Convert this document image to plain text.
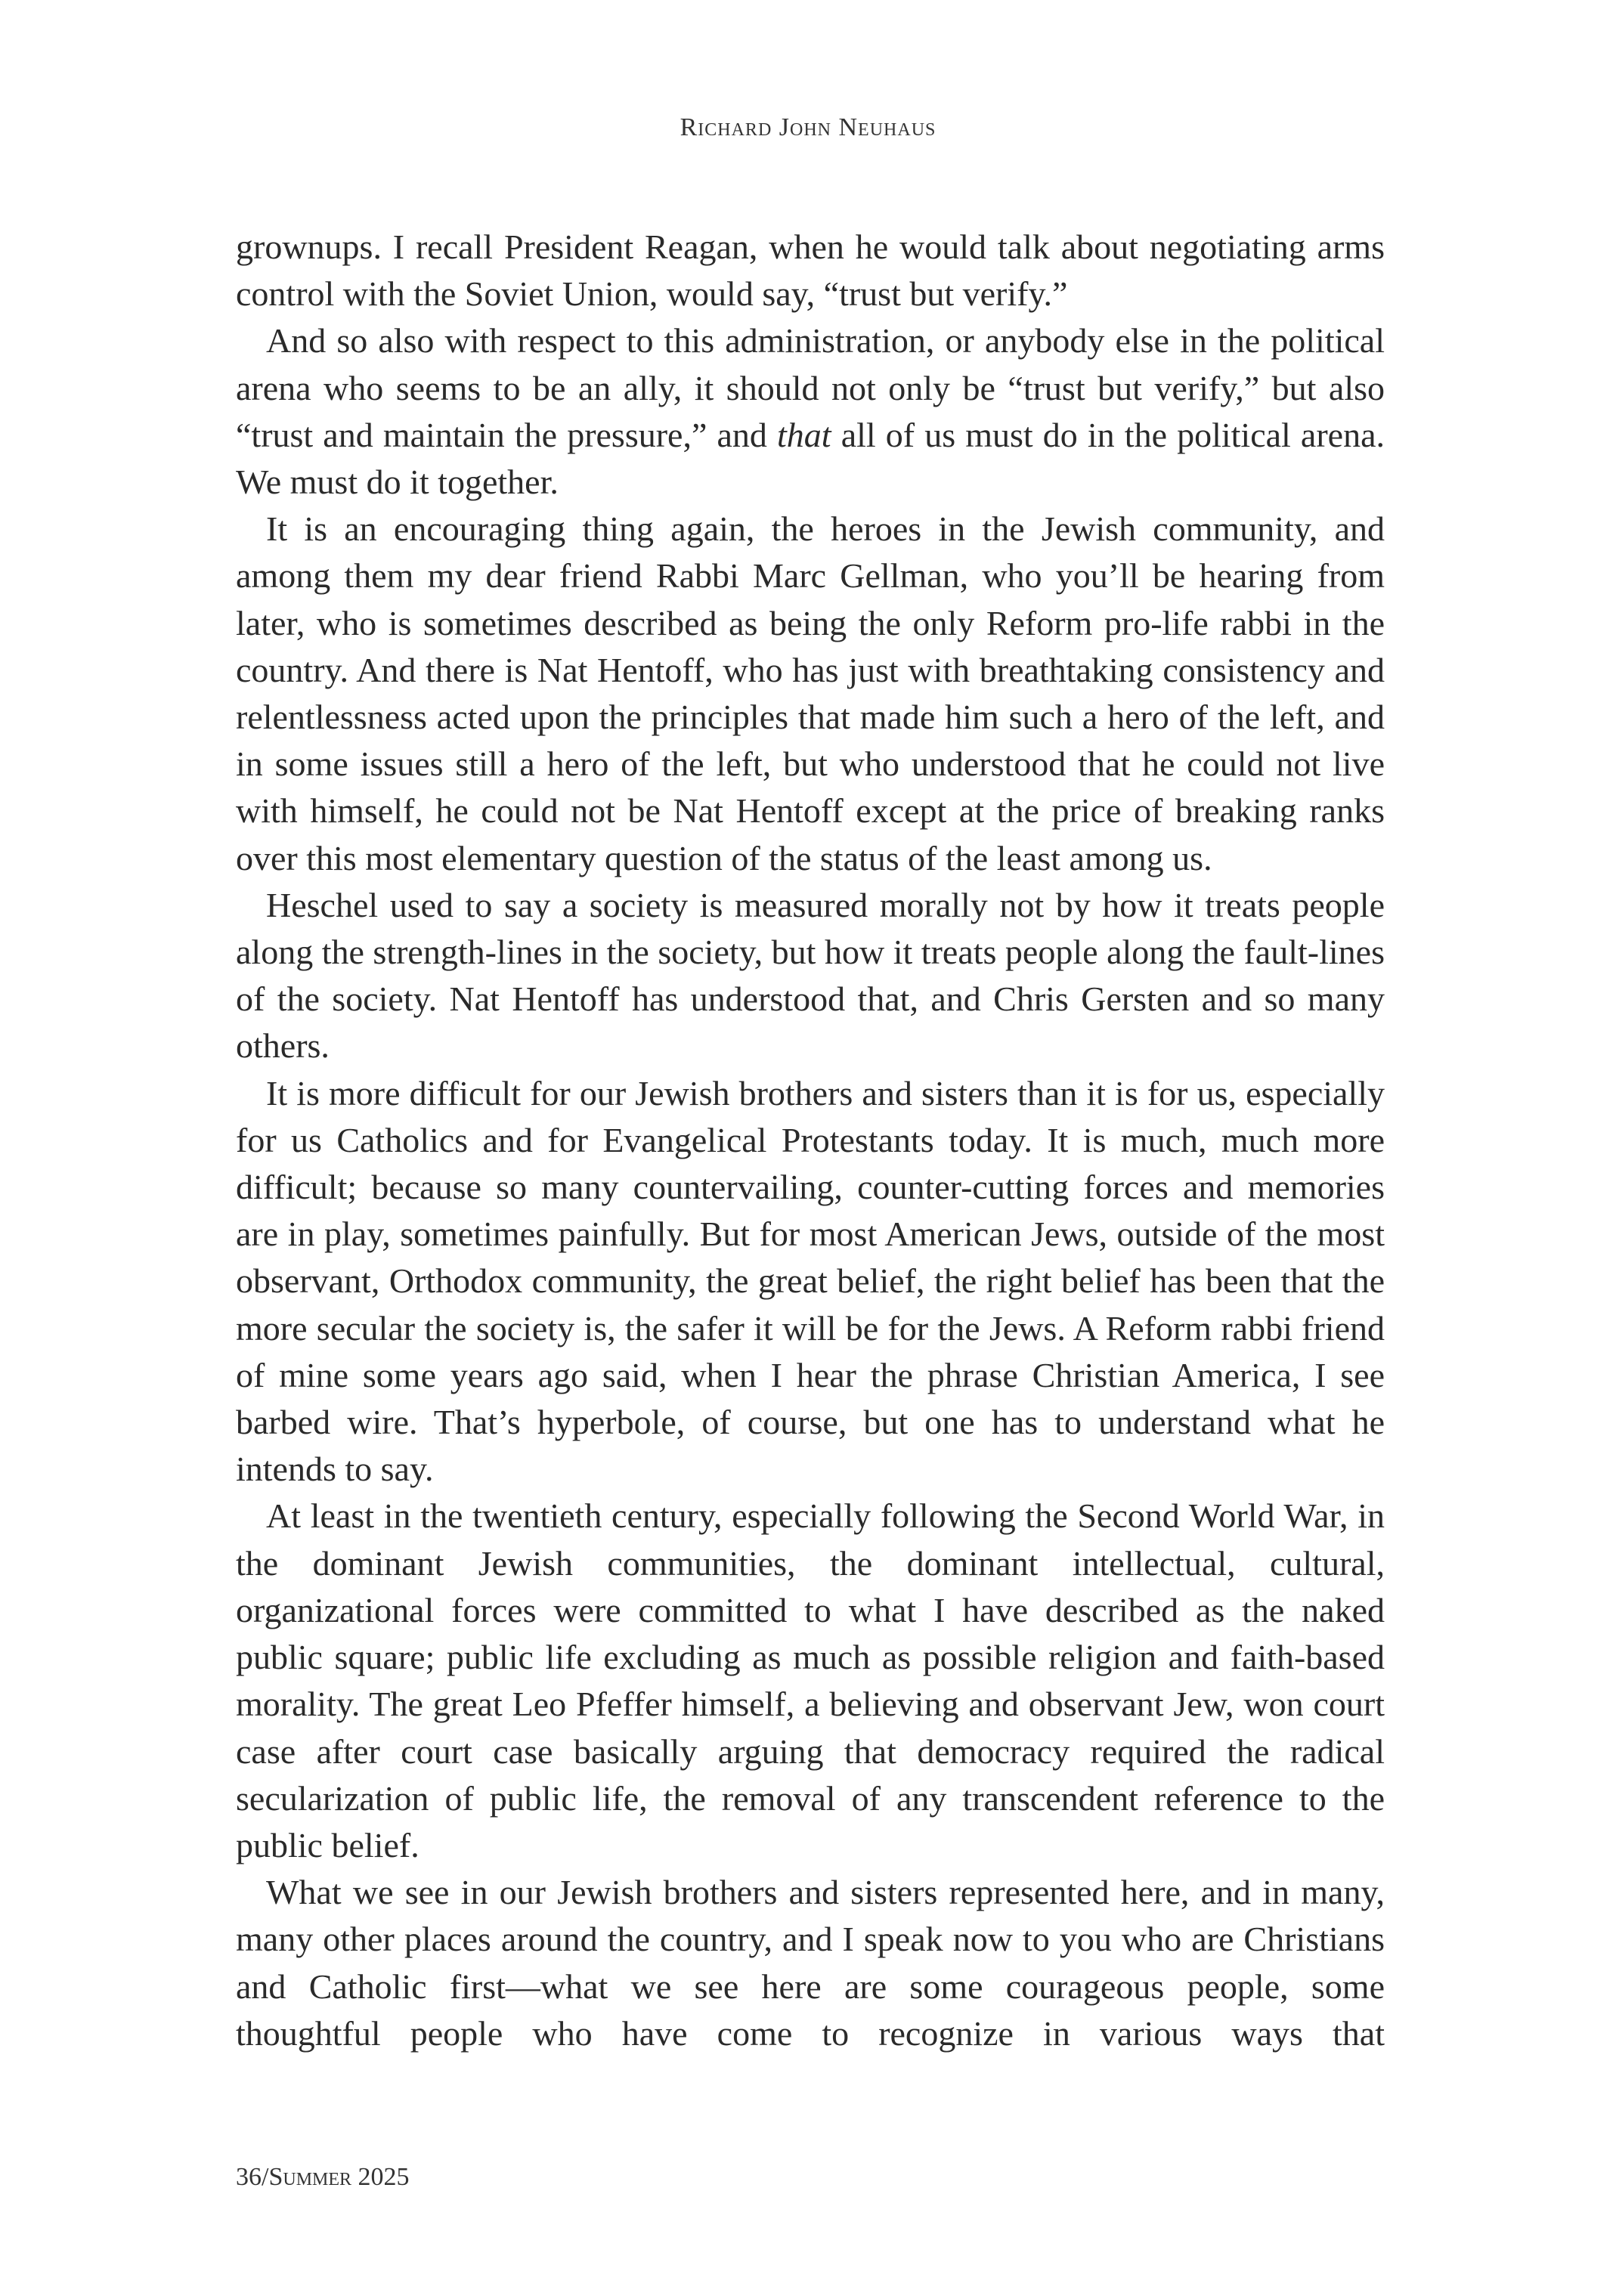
Richard John Neuhaus

grownups. I recall President Reagan, when he would talk about negotiating arms control with the Soviet Union, would say, “trust but verify.”

And so also with respect to this administration, or anybody else in the political arena who seems to be an ally, it should not only be “trust but verify,” but also “trust and maintain the pressure,” and that all of us must do in the political arena. We must do it together.

It is an encouraging thing again, the heroes in the Jewish community, and among them my dear friend Rabbi Marc Gellman, who you’ll be hearing from later, who is sometimes described as being the only Reform pro-life rabbi in the country. And there is Nat Hentoff, who has just with breathtaking consistency and relentlessness acted upon the principles that made him such a hero of the left, and in some issues still a hero of the left, but who understood that he could not live with himself, he could not be Nat Hentoff except at the price of breaking ranks over this most elementary question of the status of the least among us.

Heschel used to say a society is measured morally not by how it treats people along the strength-lines in the society, but how it treats people along the fault-lines of the society. Nat Hentoff has understood that, and Chris Gersten and so many others.

It is more difficult for our Jewish brothers and sisters than it is for us, especially for us Catholics and for Evangelical Protestants today. It is much, much more difficult; because so many countervailing, counter-cutting forces and memories are in play, sometimes painfully. But for most American Jews, outside of the most observant, Orthodox community, the great belief, the right belief has been that the more secular the society is, the safer it will be for the Jews. A Reform rabbi friend of mine some years ago said, when I hear the phrase Christian America, I see barbed wire. That’s hyperbole, of course, but one has to understand what he intends to say.

At least in the twentieth century, especially following the Second World War, in the dominant Jewish communities, the dominant intellectual, cultural, organizational forces were committed to what I have described as the naked public square; public life excluding as much as possible religion and faith-based morality. The great Leo Pfeffer himself, a believing and observant Jew, won court case after court case basically arguing that democracy required the radical secularization of public life, the removal of any transcendent reference to the public belief.

What we see in our Jewish brothers and sisters represented here, and in many, many other places around the country, and I speak now to you who are Christians and Catholic first—what we see here are some courageous people, some thoughtful people who have come to recognize in various ways that

36/Summer 2025
